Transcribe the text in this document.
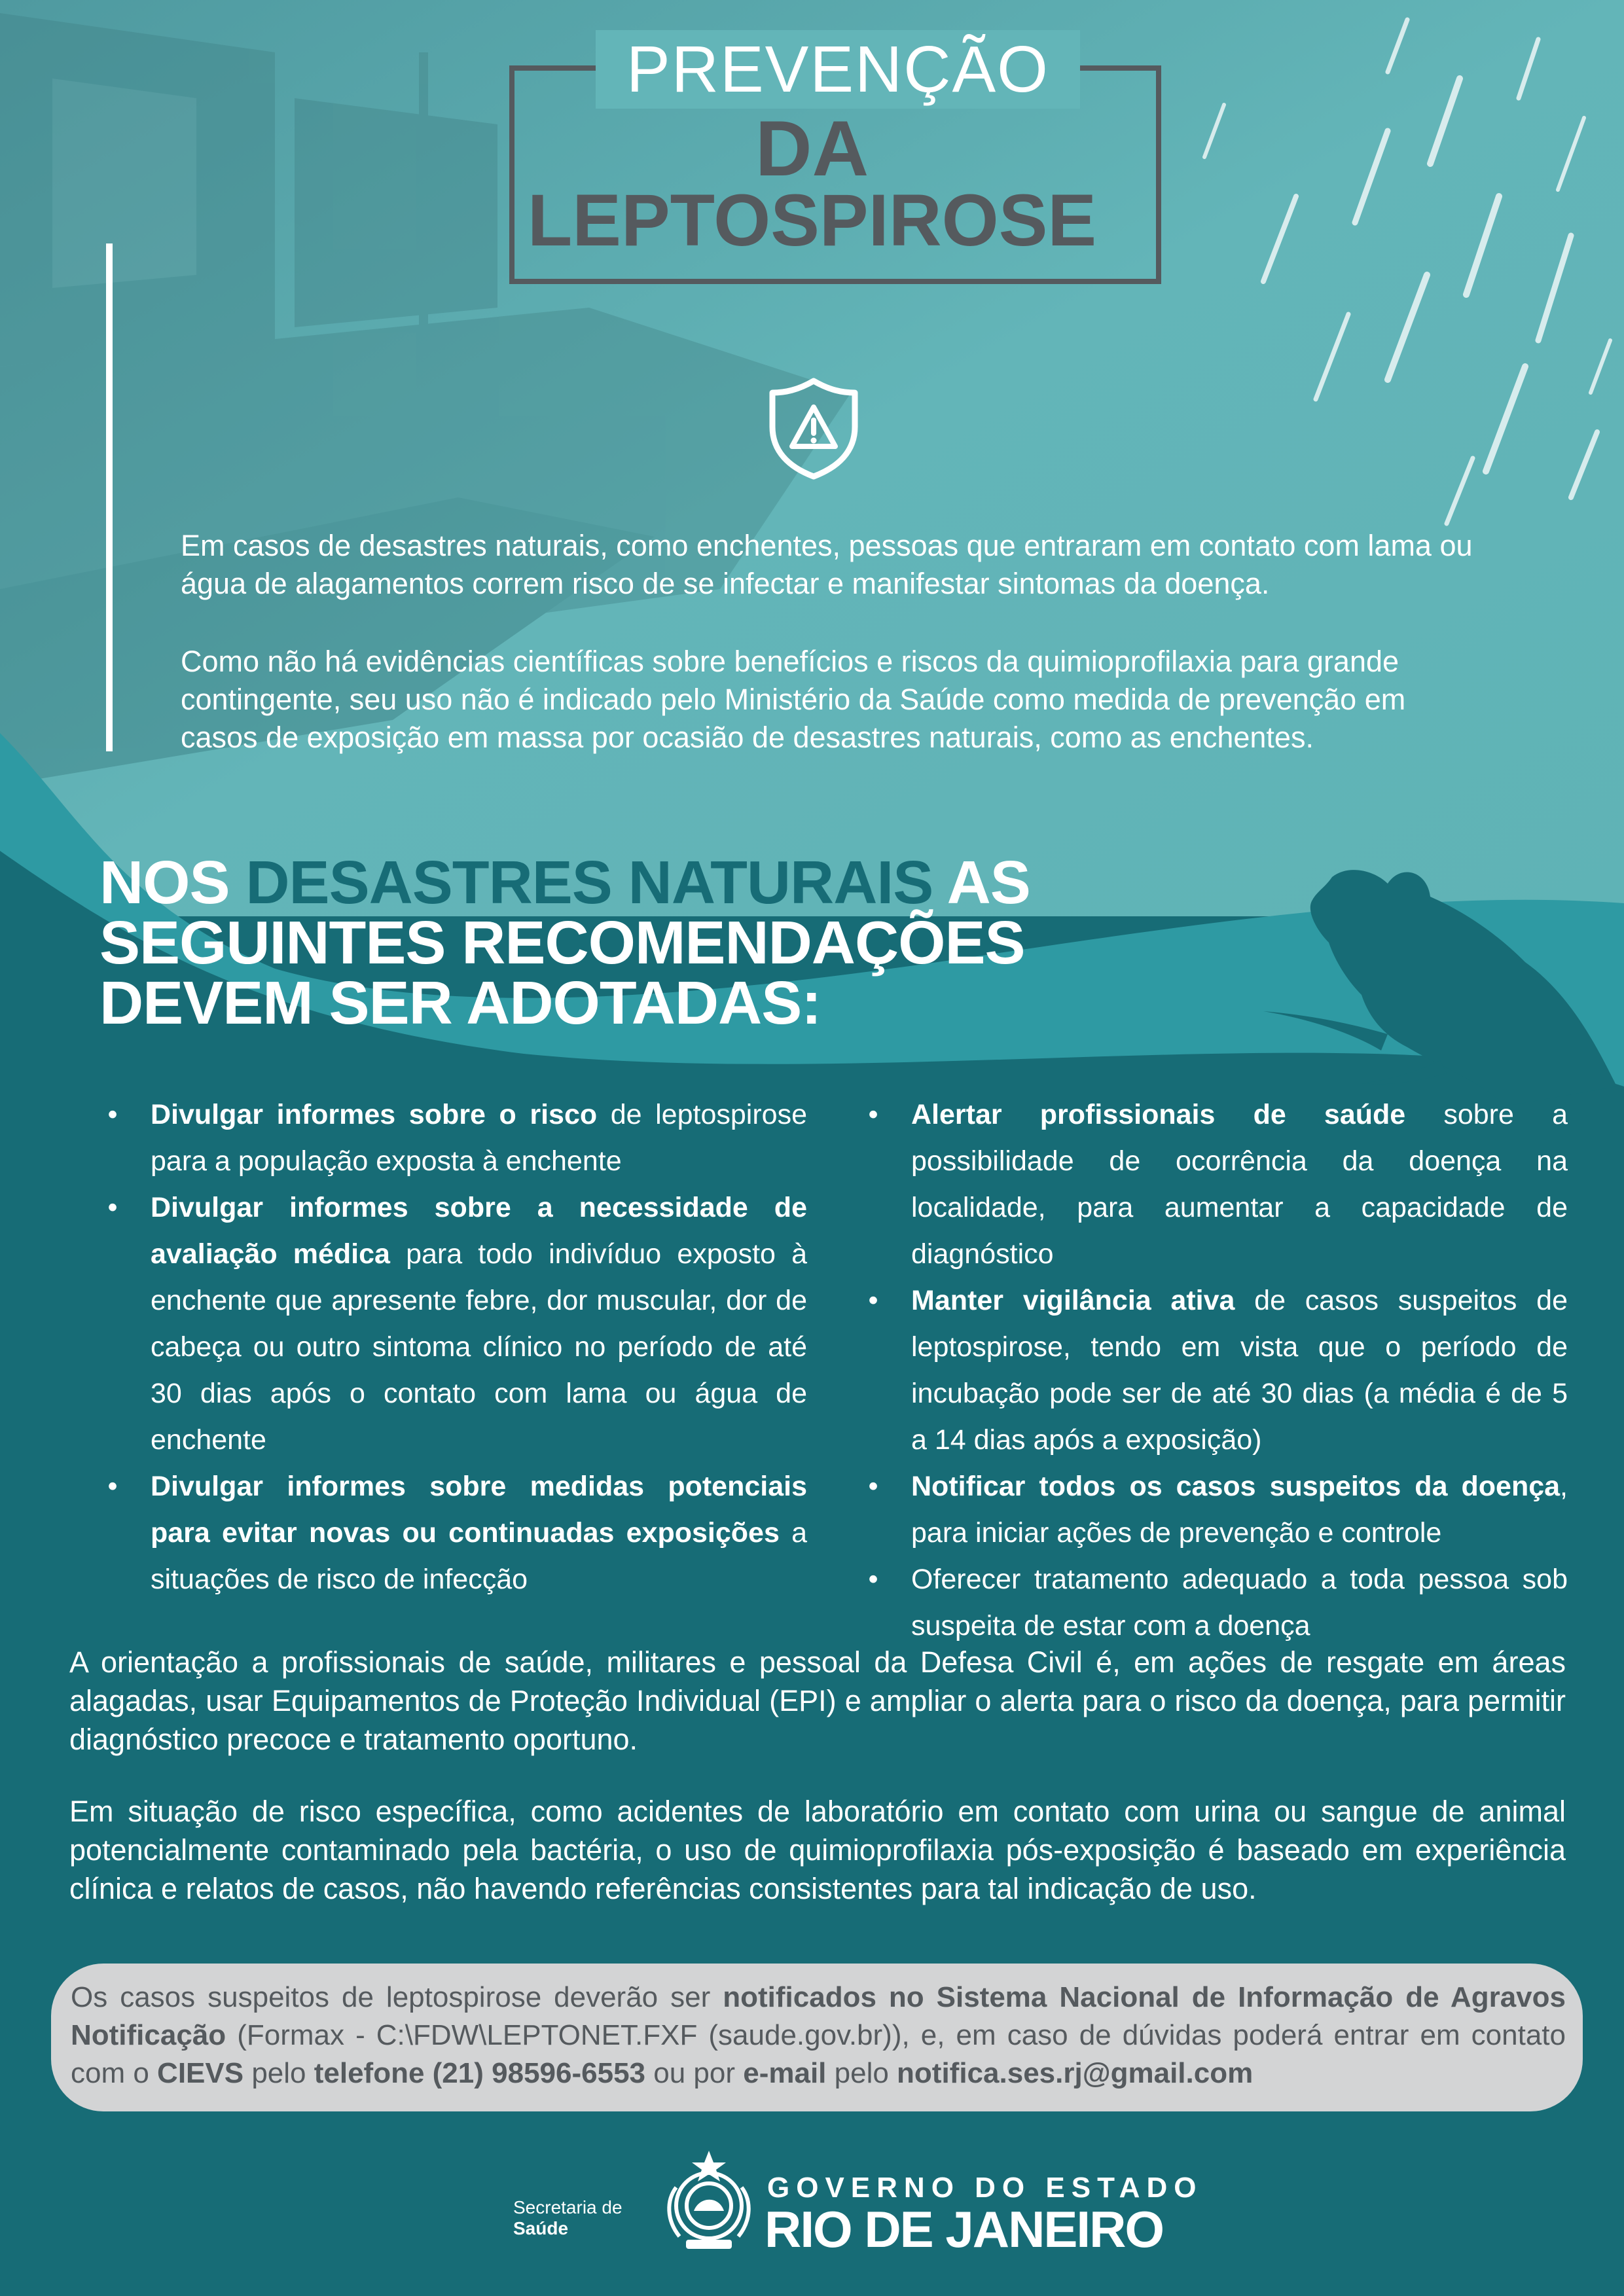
PREVENÇÃO
DA
LEPTOSPIROSE

Em casos de desastres naturais, como enchentes, pessoas que entraram em contato com lama ou água de alagamentos correm risco de se infectar e manifestar sintomas da doença.

Como não há evidências científicas sobre benefícios e riscos da quimioprofilaxia para grande contingente, seu uso não é indicado pelo Ministério da Saúde como medida de prevenção em casos de exposição em massa por ocasião de desastres naturais, como as enchentes.

NOS DESASTRES NATURAIS AS
SEGUINTES RECOMENDAÇÕES
DEVEM SER ADOTADAS:
• Divulgar informes sobre o risco de leptospirose para a população exposta à enchente
• Divulgar informes sobre a necessidade de avaliação médica para todo indivíduo exposto à enchente que apresente febre, dor muscular, dor de cabeça ou outro sintoma clínico no período de até 30 dias após o contato com lama ou água de enchente
• Divulgar informes sobre medidas potenciais para evitar novas ou continuadas exposições a situações de risco de infecção
• Alertar profissionais de saúde sobre a possibilidade de ocorrência da doença na localidade, para aumentar a capacidade de diagnóstico
• Manter vigilância ativa de casos suspeitos de leptospirose, tendo em vista que o período de incubação pode ser de até 30 dias (a média é de 5 a 14 dias após a exposição)
• Notificar todos os casos suspeitos da doença, para iniciar ações de prevenção e controle
• Oferecer tratamento adequado a toda pessoa sob suspeita de estar com a doença

A orientação a profissionais de saúde, militares e pessoal da Defesa Civil é, em ações de resgate em áreas alagadas, usar Equipamentos de Proteção Individual (EPI) e ampliar o alerta para o risco da doença, para permitir diagnóstico precoce e tratamento oportuno.

Em situação de risco específica, como acidentes de laboratório em contato com urina ou sangue de animal potencialmente contaminado pela bactéria, o uso de quimioprofilaxia pós-exposição é baseado em experiência clínica e relatos de casos, não havendo referências consistentes para tal indicação de uso.

Os casos suspeitos de leptospirose deverão ser notificados no Sistema Nacional de Informação de Agravos Notificação (Formax - C:\FDW\LEPTONET.FXF (saude.gov.br)), e, em caso de dúvidas poderá entrar em contato com o CIEVS pelo telefone (21) 98596-6553 ou por e-mail pelo notifica.ses.rj@gmail.com

Secretaria de
Saúde
GOVERNO DO ESTADO
RIO DE JANEIRO
